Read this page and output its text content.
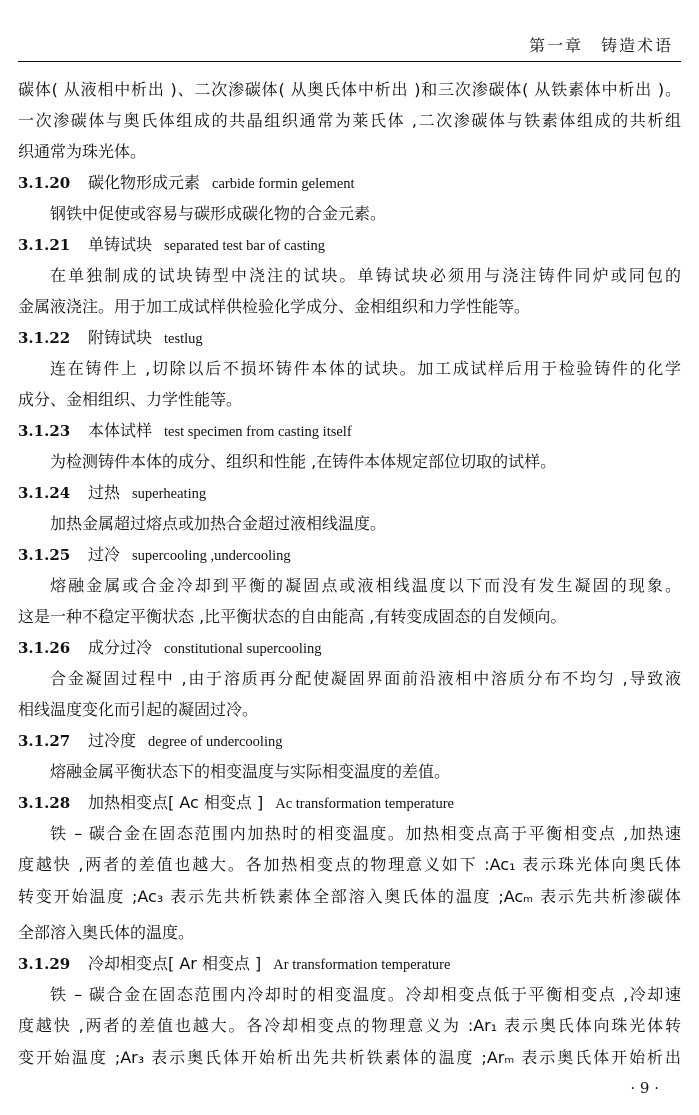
第一章　铸造术语
碳体( 从液相中析出 )、二次渗碳体( 从奥氏体中析出 )和三次渗碳体( 从铁素体中析出 )。
一次渗碳体与奥氏体组成的共晶组织通常为莱氏体 ,二次渗碳体与铁素体组成的共析组
织通常为珠光体。
3.1.20 碳化物形成元素 carbide formin gelement
钢铁中促使或容易与碳形成碳化物的合金元素。
3.1.21 单铸试块 separated test bar of casting
在单独制成的试块铸型中浇注的试块。单铸试块必须用与浇注铸件同炉或同包的
金属液浇注。用于加工成试样供检验化学成分、金相组织和力学性能等。
3.1.22 附铸试块 testlug
连在铸件上 ,切除以后不损坏铸件本体的试块。加工成试样后用于检验铸件的化学
成分、金相组织、力学性能等。
3.1.23 本体试样 test specimen from casting itself
为检测铸件本体的成分、组织和性能 ,在铸件本体规定部位切取的试样。
3.1.24 过热 superheating
加热金属超过熔点或加热合金超过液相线温度。
3.1.25 过冷 supercooling ,undercooling
熔融金属或合金冷却到平衡的凝固点或液相线温度以下而没有发生凝固的现象。
这是一种不稳定平衡状态 ,比平衡状态的自由能高 ,有转变成固态的自发倾向。
3.1.26 成分过冷 constitutional supercooling
合金凝固过程中 ,由于溶质再分配使凝固界面前沿液相中溶质分布不均匀 ,导致液
相线温度变化而引起的凝固过冷。
3.1.27 过冷度 degree of undercooling
熔融金属平衡状态下的相变温度与实际相变温度的差值。
3.1.28 加热相变点[ Ac 相变点 ] Ac transformation temperature
铁 – 碳合金在固态范围内加热时的相变温度。加热相变点高于平衡相变点 ,加热速
度越快 ,两者的差值也越大。各加热相变点的物理意义如下 :Ac₁ 表示珠光体向奥氏体
转变开始温度 ;Ac₃ 表示先共析铁素体全部溶入奥氏体的温度 ;Acₘ 表示先共析渗碳体
全部溶入奥氏体的温度。
3.1.29 冷却相变点[ Ar 相变点 ] Ar transformation temperature
铁 – 碳合金在固态范围内冷却时的相变温度。冷却相变点低于平衡相变点 ,冷却速
度越快 ,两者的差值也越大。各冷却相变点的物理意义为 :Ar₁ 表示奥氏体向珠光体转
变开始温度 ;Ar₃ 表示奥氏体开始析出先共析铁素体的温度 ;Arₘ 表示奥氏体开始析出
· 9 ·
